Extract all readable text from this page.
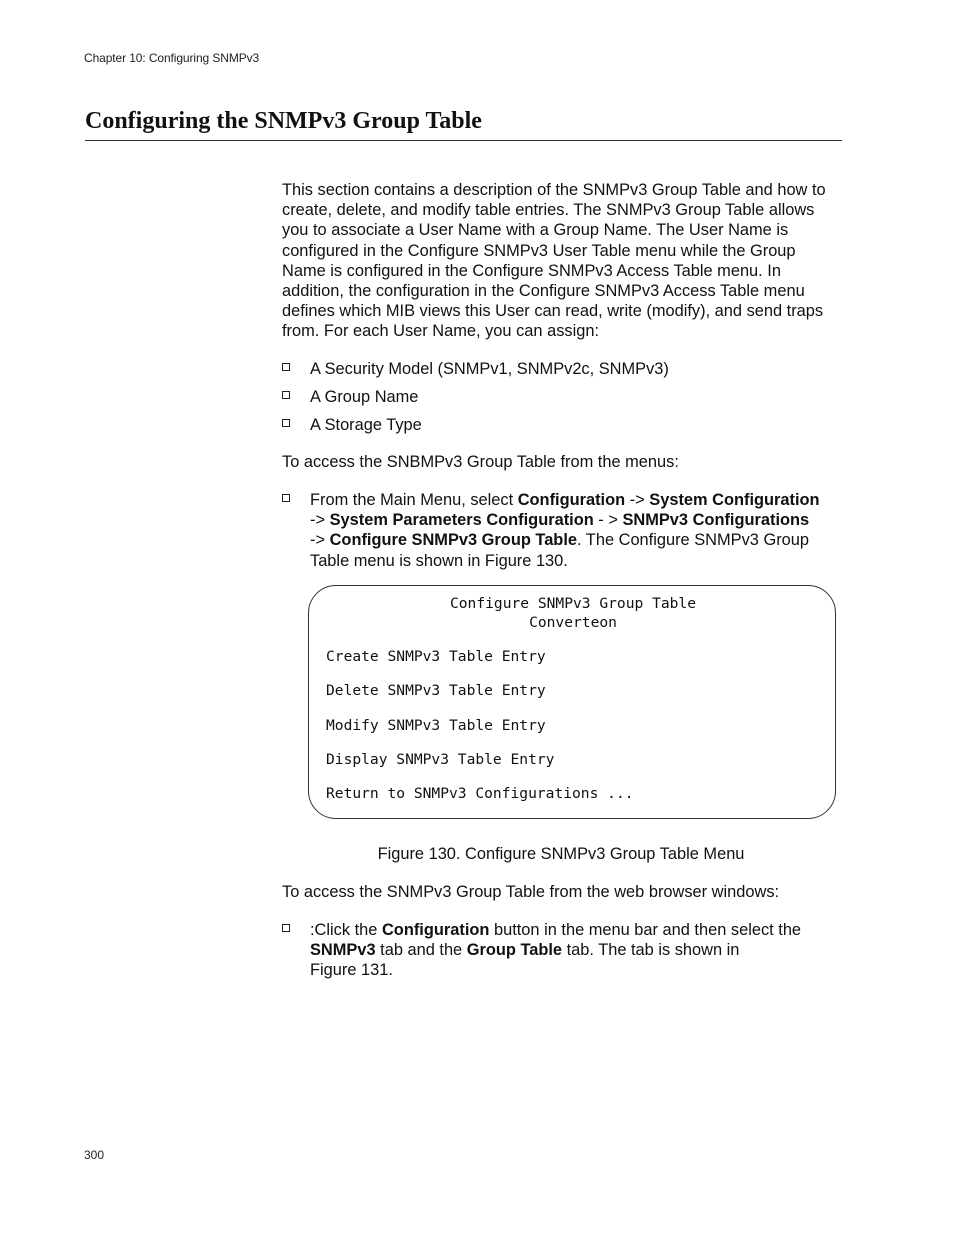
Chapter 10: Configuring SNMPv3
Configuring the SNMPv3 Group Table
This section contains a description of the SNMPv3 Group Table and how to create, delete, and modify table entries. The SNMPv3 Group Table allows you to associate a User Name with a Group Name. The User Name is configured in the Configure SNMPv3 User Table menu while the Group Name is configured in the Configure SNMPv3 Access Table menu. In addition, the configuration in the Configure SNMPv3 Access Table menu defines which MIB views this User can read, write (modify), and send traps from. For each User Name, you can assign:
A Security Model (SNMPv1, SNMPv2c, SNMPv3)
A Group Name
A Storage Type
To access the SNBMPv3 Group Table from the menus:
From the Main Menu, select Configuration -> System Configuration
-> System Parameters Configuration - > SNMPv3 Configurations
-> Configure SNMPv3 Group Table. The Configure SNMPv3 Group Table menu is shown in Figure 130.
Configure SNMPv3 Group Table
Converteon
Create SNMPv3 Table Entry
Delete SNMPv3 Table Entry
Modify SNMPv3 Table Entry
Display SNMPv3 Table Entry
Return to SNMPv3 Configurations ...
Figure 130. Configure SNMPv3 Group Table Menu
To access the SNMPv3 Group Table from the web browser windows:
:Click the Configuration button in the menu bar and then select the
SNMPv3 tab and the Group Table tab. The tab is shown in
Figure 131.
300
